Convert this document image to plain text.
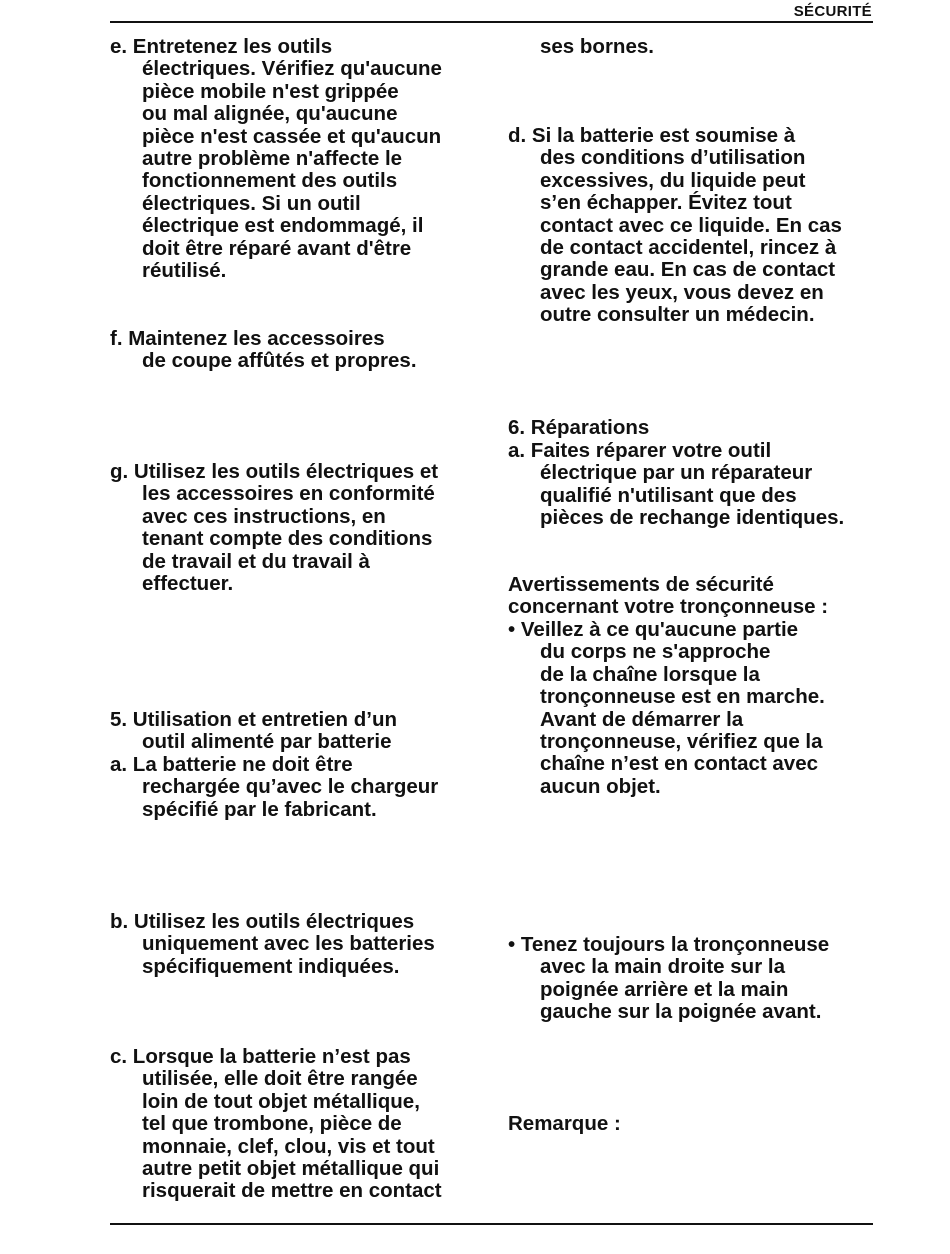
SÉCURITÉ
e. Entretenez les outils
électriques. Vérifiez qu'aucune
pièce mobile n'est grippée
ou mal alignée, qu'aucune
pièce n'est cassée et qu'aucun
autre problème n'affecte le
fonctionnement des outils
électriques. Si un outil
électrique est endommagé, il
doit être réparé avant d'être
réutilisé.
f. Maintenez les accessoires
de coupe affûtés et propres.
g. Utilisez les outils électriques et
les accessoires en conformité
avec ces instructions, en
tenant compte des conditions
de travail et du travail à
effectuer.
5. Utilisation et entretien d’un
outil alimenté par batterie
a. La batterie ne doit être
rechargée qu’avec le chargeur
spécifié par le fabricant.
b. Utilisez les outils électriques
uniquement avec les batteries
spécifiquement indiquées.
c. Lorsque la batterie n’est pas
utilisée, elle doit être rangée
loin de tout objet métallique,
tel que trombone, pièce de
monnaie, clef, clou, vis et tout
autre petit objet métallique qui
risquerait de mettre en contact
ses bornes.
d. Si la batterie est soumise à
des conditions d’utilisation
excessives, du liquide peut
s’en échapper. Évitez tout
contact avec ce liquide. En cas
de contact accidentel, rincez à
grande eau. En cas de contact
avec les yeux, vous devez en
outre consulter un médecin.
6. Réparations
a. Faites réparer votre outil
électrique par un réparateur
qualifié n'utilisant que des
pièces de rechange identiques.
Avertissements de sécurité
concernant votre tronçonneuse :
• Veillez à ce qu'aucune partie
du corps ne s'approche
de la chaîne lorsque la
tronçonneuse est en marche.
Avant de démarrer la
tronçonneuse, vérifiez que la
chaîne n’est en contact avec
aucun objet.
• Tenez toujours la tronçonneuse
avec la main droite sur la
poignée arrière et la main
gauche sur la poignée avant.
Remarque :
